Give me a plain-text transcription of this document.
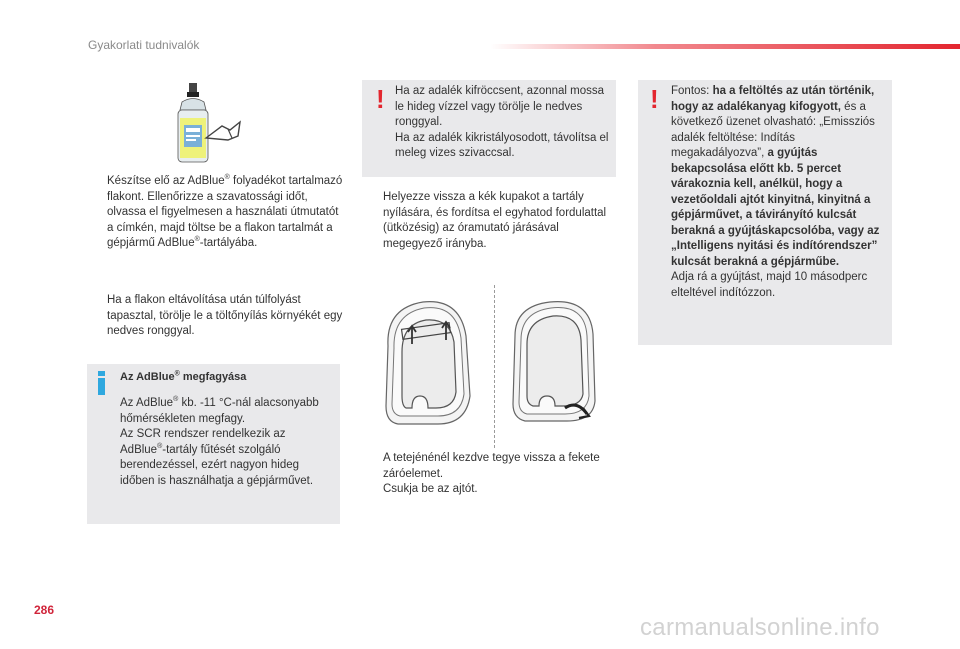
Gyakorlati tudnivalók
Készítse elő az AdBlue® folyadékot tartalmazó flakont. Ellenőrizze a szavatossági időt, olvassa el figyelmesen a használati útmutatót a címkén, majd töltse be a flakon tartalmát a gépjármű AdBlue®-tartályába.
Ha a flakon eltávolítása után túlfolyást tapasztal, törölje le a töltőnyílás környékét egy nedves ronggyal.
Az AdBlue® megfagyása
Az AdBlue® kb. -11 °C-nál alacsonyabb hőmérsékleten megfagy.
Az SCR rendszer rendelkezik az AdBlue®-tartály fűtését szolgáló berendezéssel, ezért nagyon hideg időben is használhatja a gépjárművet.
! Ha az adalék kifröccsent, azonnal mossa le hideg vízzel vagy törölje le nedves ronggyal.
Ha az adalék kikristályosodott, távolítsa el meleg vizes szivaccsal.
Helyezze vissza a kék kupakot a tartály nyílására, és fordítsa el egyhatod fordulattal (ütközésig) az óramutató járásával megegyező irányba.
A tetejénénél kezdve tegye vissza a fekete záróelemet.
Csukja be az ajtót.
! Fontos: ha a feltöltés az után történik, hogy az adalékanyag kifogyott, és a következő üzenet olvasható: „Emissziós adalék feltöltése: Indítás megakadályozva”, a gyújtás bekapcsolása előtt kb. 5 percet várakoznia kell, anélkül, hogy a vezetőoldali ajtót kinyitná, kinyitná a gépjárművet, a távirányító kulcsát berakná a gyújtáskapcsolóba, vagy az „Intelligens nyitási és indítórendszer” kulcsát berakná a gépjárműbe.
Adja rá a gyújtást, majd 10 másodperc elteltével indítózzon.
286
carmanualsonline.info
